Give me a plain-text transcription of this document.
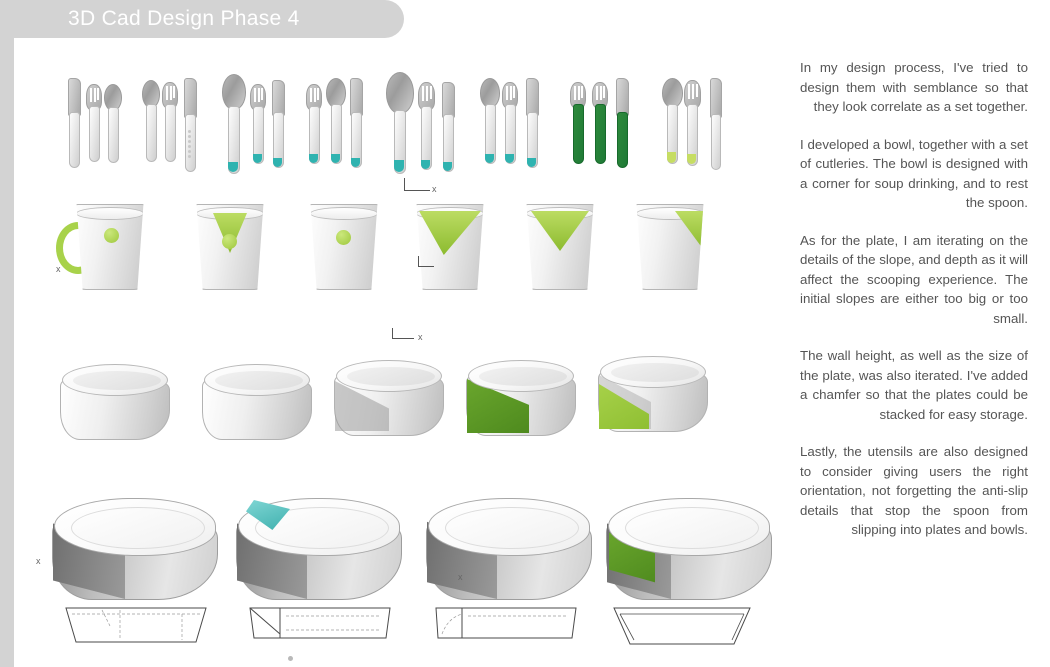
3D Cad Design Phase 4

In my design process, I've tried to design them with semblance so that they look correlate as a set together.

I developed a bowl, together with a set of cutleries. The bowl is designed with a corner for soup drinking, and to rest the spoon.

As for the plate, I am iterating on the details of the slope, and depth as it will affect the scooping experience. The initial slopes are either too big or too small.

The wall height, as well as the size of the plate, was also iterated. I've added a chamfer so that the plates could be stacked for easy storage.

Lastly, the utensils are also designed to consider giving users the right orientation, not forgetting the anti-slip details that stop the spoon from slipping into plates and bowls.

x
x
x
x
x
